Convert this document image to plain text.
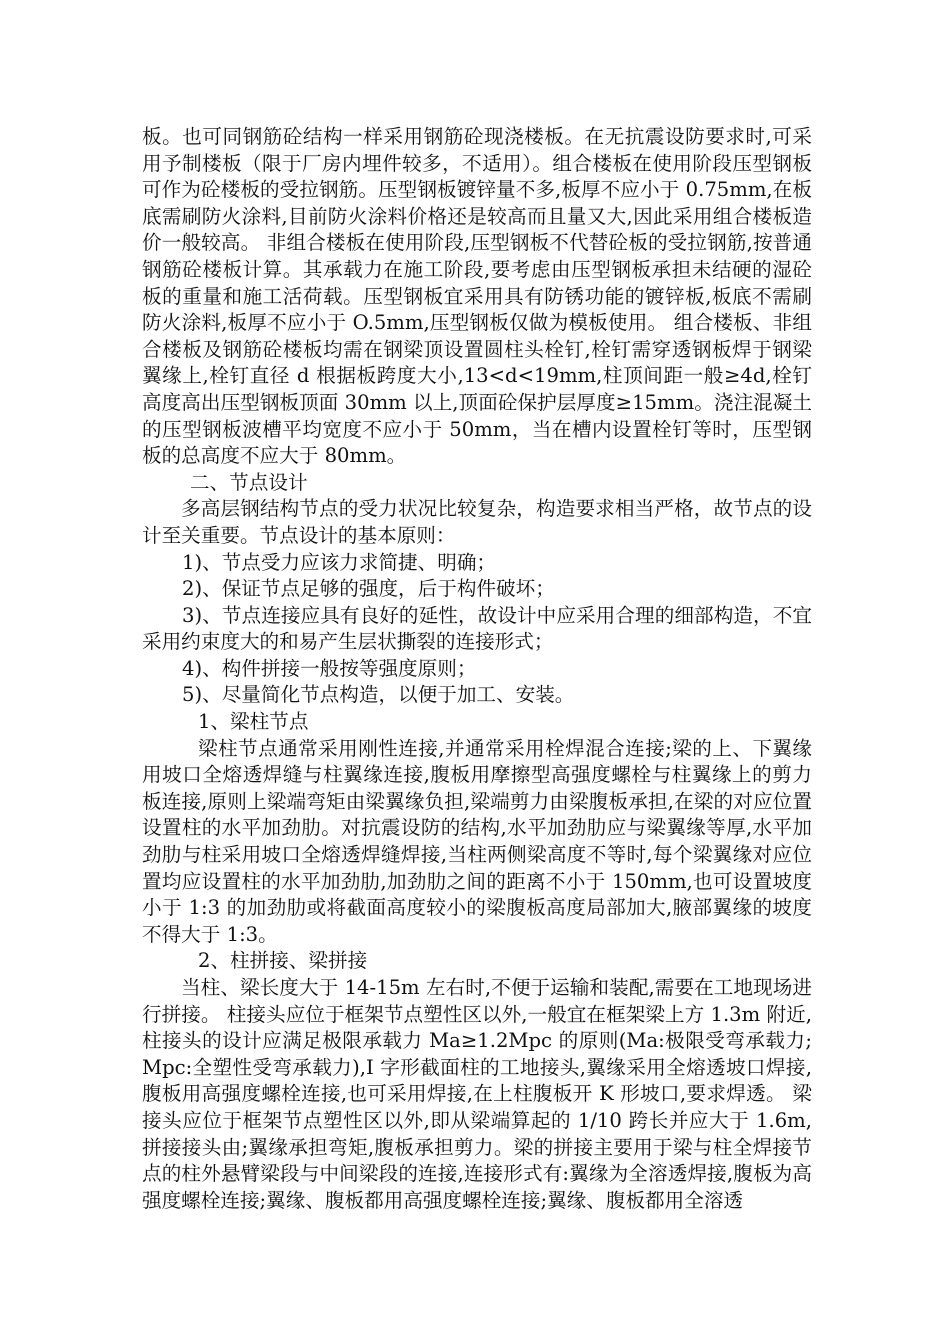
板。也可同钢筋砼结构一样采用钢筋砼现浇楼板。在无抗震设防要求时,可采用予制楼板（限于厂房内埋件较多，不适用）。组合楼板在使用阶段压型钢板可作为砼楼板的受拉钢筋。压型钢板镀锌量不多,板厚不应小于 0.75mm,在板底需刷防火涂料,目前防火涂料价格还是较高而且量又大,因此采用组合楼板造价一般较高。 非组合楼板在使用阶段,压型钢板不代替砼板的受拉钢筋,按普通钢筋砼楼板计算。其承载力在施工阶段,要考虑由压型钢板承担未结硬的湿砼板的重量和施工活荷载。压型钢板宜采用具有防锈功能的镀锌板,板底不需刷防火涂料,板厚不应小于 O.5mm,压型钢板仅做为模板使用。 组合楼板、非组合楼板及钢筋砼楼板均需在钢梁顶设置圆柱头栓钉,栓钉需穿透钢板焊于钢梁翼缘上,栓钉直径 d 根据板跨度大小,13<d<19mm,柱顶间距一般≥4d,栓钉高度高出压型钢板顶面 30mm 以上,顶面砼保护层厚度≥15mm。浇注混凝土的压型钢板波槽平均宽度不应小于 50mm，当在槽内设置栓钉等时，压型钢板的总高度不应大于 80mm。

二、节点设计

多高层钢结构节点的受力状况比较复杂，构造要求相当严格，故节点的设计至关重要。节点设计的基本原则：

1)、节点受力应该力求简捷、明确；

2)、保证节点足够的强度，后于构件破坏；

3)、节点连接应具有良好的延性，故设计中应采用合理的细部构造，不宜采用约束度大的和易产生层状撕裂的连接形式；

4)、构件拼接一般按等强度原则；

5)、尽量简化节点构造，以便于加工、安装。

1、梁柱节点

梁柱节点通常采用刚性连接,并通常采用栓焊混合连接;梁的上、下翼缘用坡口全熔透焊缝与柱翼缘连接,腹板用摩擦型高强度螺栓与柱翼缘上的剪力板连接,原则上梁端弯矩由梁翼缘负担,梁端剪力由梁腹板承担,在梁的对应位置设置柱的水平加劲肋。对抗震设防的结构,水平加劲肋应与梁翼缘等厚,水平加劲肋与柱采用坡口全熔透焊缝焊接,当柱两侧梁高度不等时,每个梁翼缘对应位置均应设置柱的水平加劲肋,加劲肋之间的距离不小于 150mm,也可设置坡度小于 1:3 的加劲肋或将截面高度较小的梁腹板高度局部加大,腋部翼缘的坡度不得大于 1:3。

2、柱拼接、梁拼接

当柱、梁长度大于 14-15m 左右时,不便于运输和装配,需要在工地现场进行拼接。 柱接头应位于框架节点塑性区以外,一般宜在框架梁上方 1.3m 附近,柱接头的设计应满足极限承载力 Ma≥1.2Mpc 的原则(Ma:极限受弯承载力;Mpc:全塑性受弯承载力),I 字形截面柱的工地接头,翼缘采用全熔透坡口焊接, 腹板用高强度螺栓连接,也可采用焊接,在上柱腹板开 K 形坡口,要求焊透。 梁接头应位于框架节点塑性区以外,即从梁端算起的 1/10 跨长并应大于 1.6m,拼接接头由;翼缘承担弯矩,腹板承担剪力。梁的拼接主要用于梁与柱全焊接节点的柱外悬臂梁段与中间梁段的连接,连接形式有:翼缘为全溶透焊接,腹板为高强度螺栓连接;翼缘、腹板都用高强度螺栓连接;翼缘、腹板都用全溶透
